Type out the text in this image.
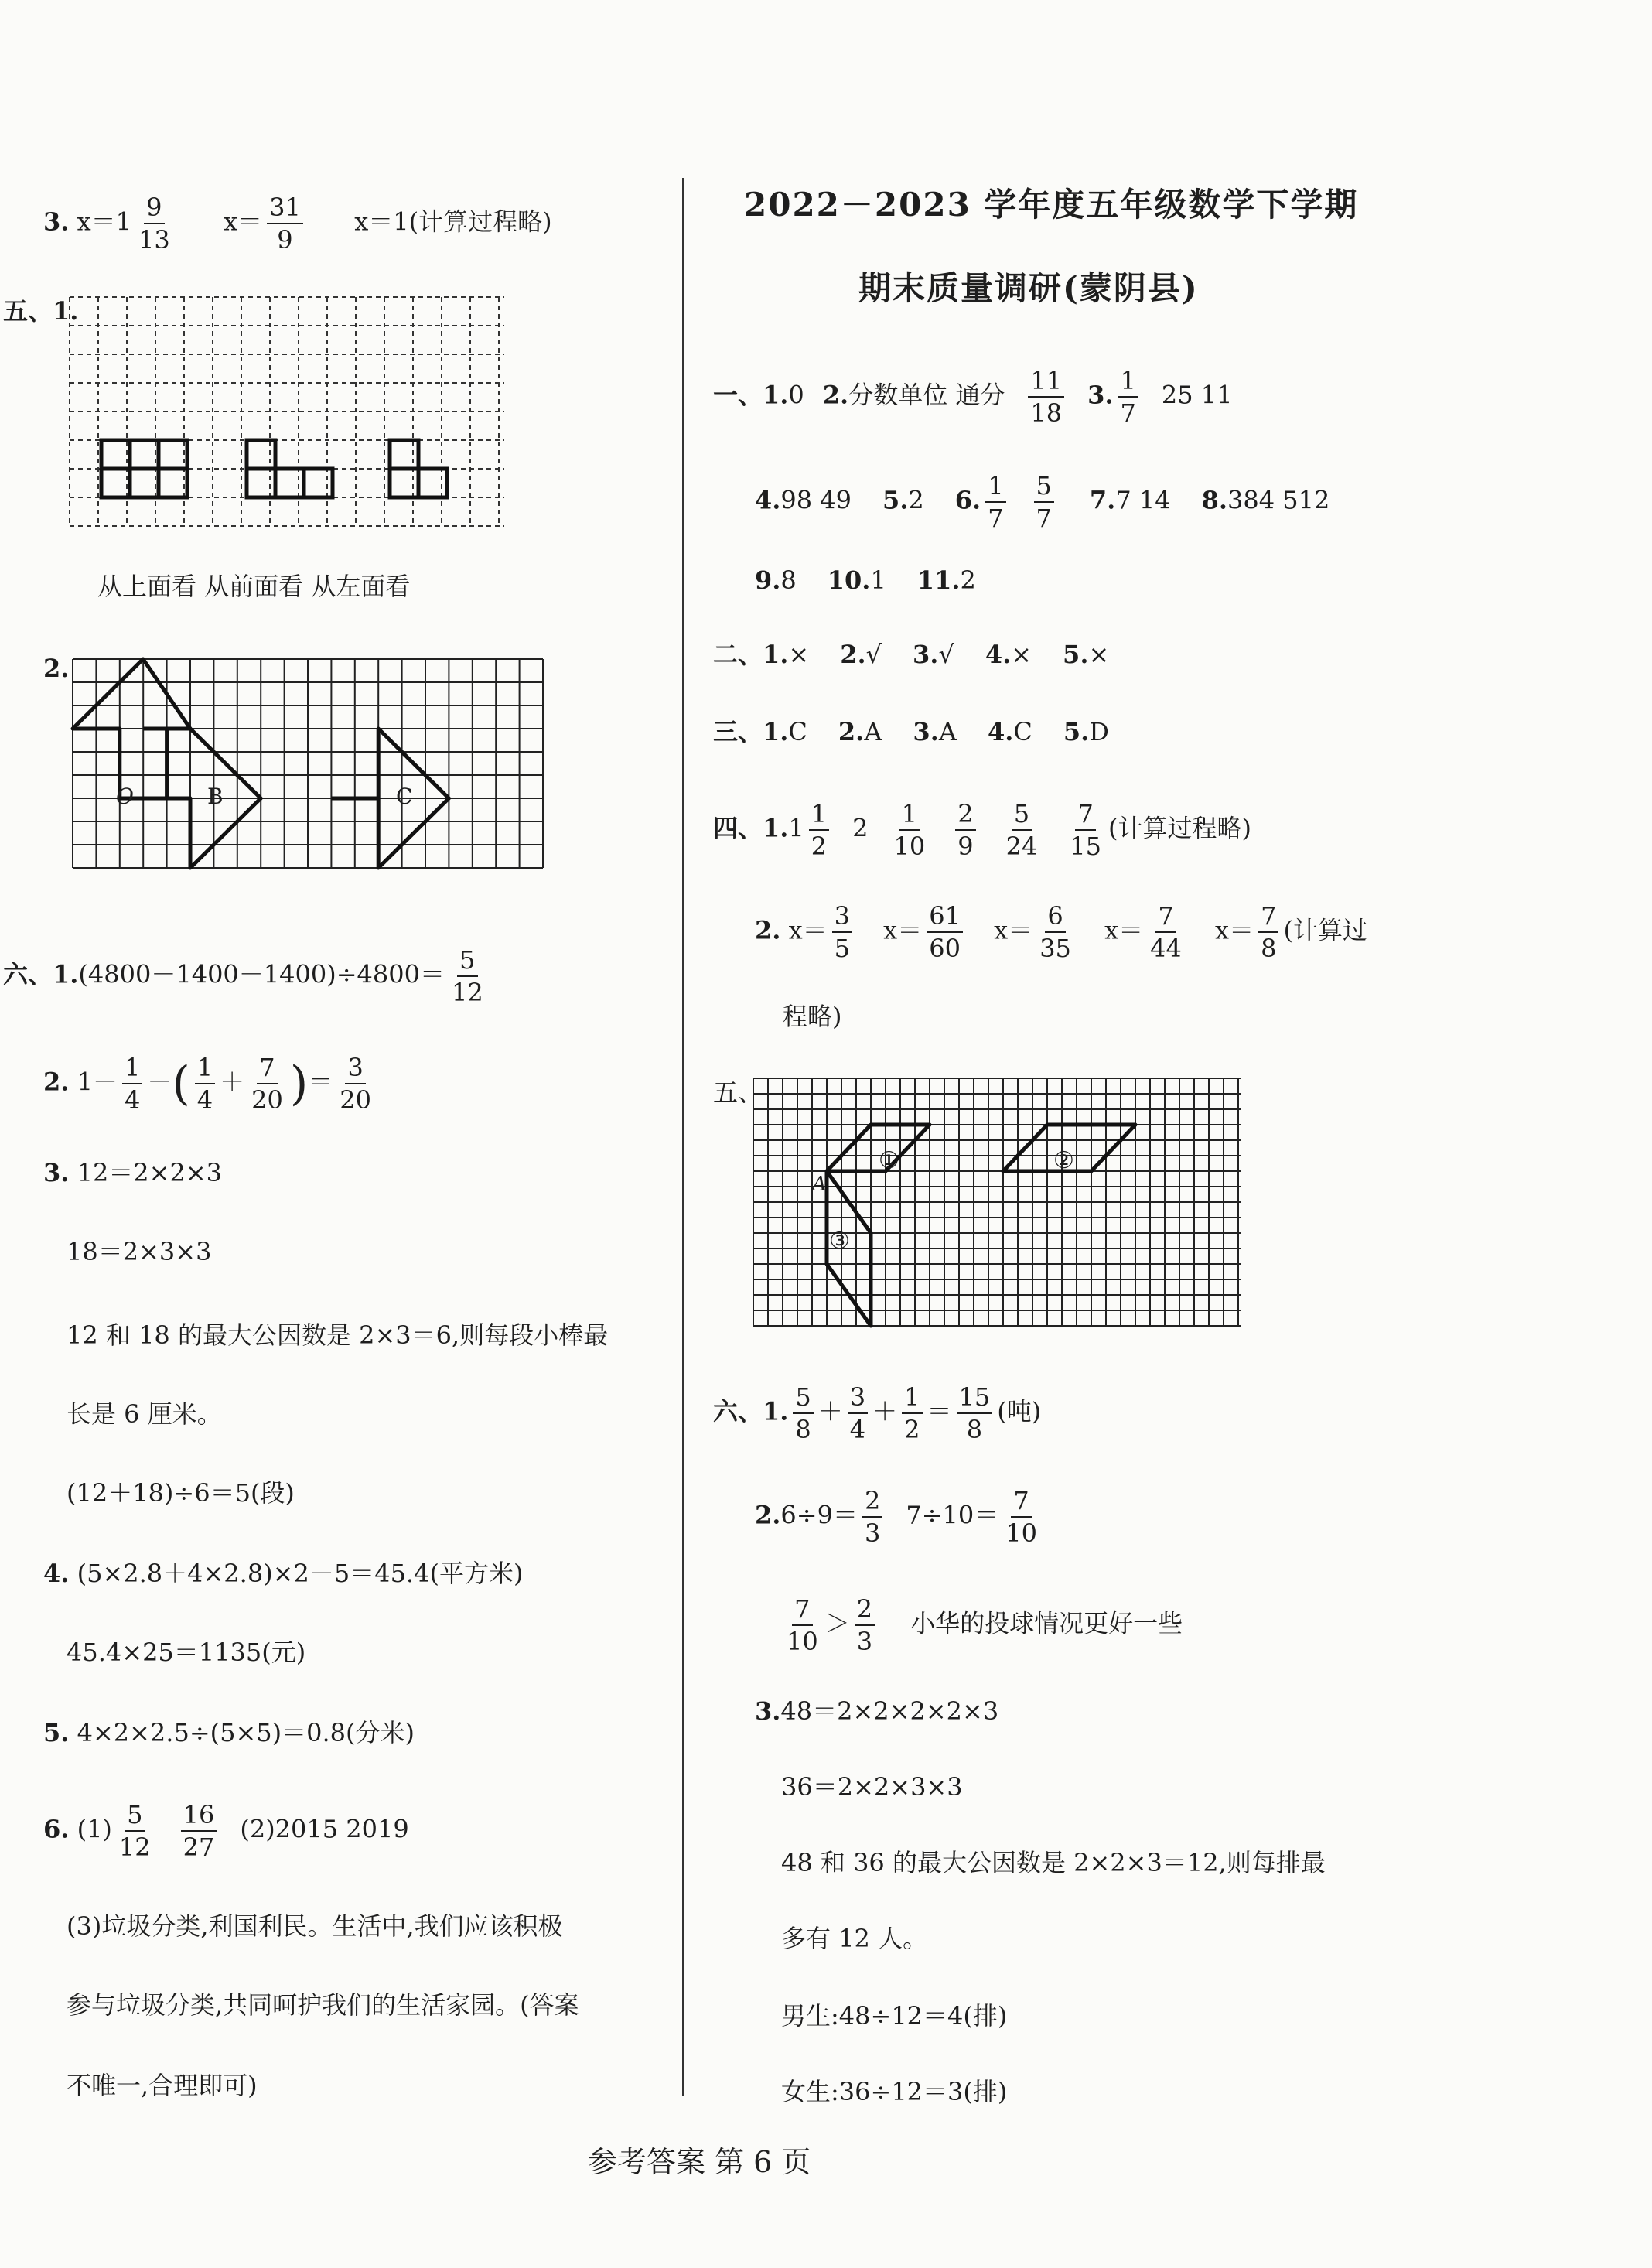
3. $x=1 \frac{9}{13} x= \frac{31}{9} x=1$(计算过程略)
五、1.
从上面看 从前面看 从左面看
2.
O	B	C
六、$1.(4800-1400-1400)\div 4800= \frac{5}{12}$
2. $1- \frac{1}{4}$ －( $\frac{1}{4} + \frac{7}{20}$ )＝ $\frac{3}{20}$
3. 12＝2×2×3
18＝2×3×3
12 和 18 的最大公因数是 2×3＝6,则每段小棒最
长是 6 厘米。
(12＋18)÷6＝5(段)
4. (5×2.8＋4×2.8)×2－5＝45.4(平方米)
45.4×25＝1135(元)
5. 4×2×2.5÷(5×5)＝0.8(分米)
6. $(1) \frac{5}{12} \frac{16}{27} (2)2015$ 2019
(3)垃圾分类,利国利民。生活中,我们应该积极
参与垃圾分类,共同呵护我们的生活家园。(答案
不唯一,合理即可)
2022－2023 学年度五年级数学下学期
期末质量调研(蒙阴县)
一、1.0 2.分数单位 通分 $\frac{11}{18} 3$. $\frac{1}{7} 25$ 11
4.98 49 5.2 6. $\frac{1}{7} \frac{5}{7} 7.7$ 14 8.384 512
9.8 10.1 11.2
二、1.× 2.√ 3.√ 4.× 5.×
三、1.C 2.A 3.A 4.C 5.D
四、$1.1 \frac{1}{2} 2 \frac{1}{10} \frac{2}{9} \frac{5}{24} \frac{7}{15}$ (计算过程略)
2. $x= \frac{3}{5} x= \frac{61}{60} x= \frac{6}{35} x= \frac{7}{44} x= \frac{7}{8}$ (计算过
程略)
五、
A
①	②
③
六、1. $\frac{5}{8} + \frac{3}{4} + \frac{1}{2} = \frac{15}{8}$ (吨)
$2.6\div 9= \frac{2}{3} 7\div 10= \frac{7}{10}$
$\frac{7}{10} > \frac{2}{3}$ 小华的投球情况更好一些
3.48＝2×2×2×2×3
36＝2×2×3×3
48 和 36 的最大公因数是 2×2×3＝12,则每排最
多有 12 人。
男生:48÷12＝4(排)
女生:36÷12＝3(排)
参考答案 第 6 页
